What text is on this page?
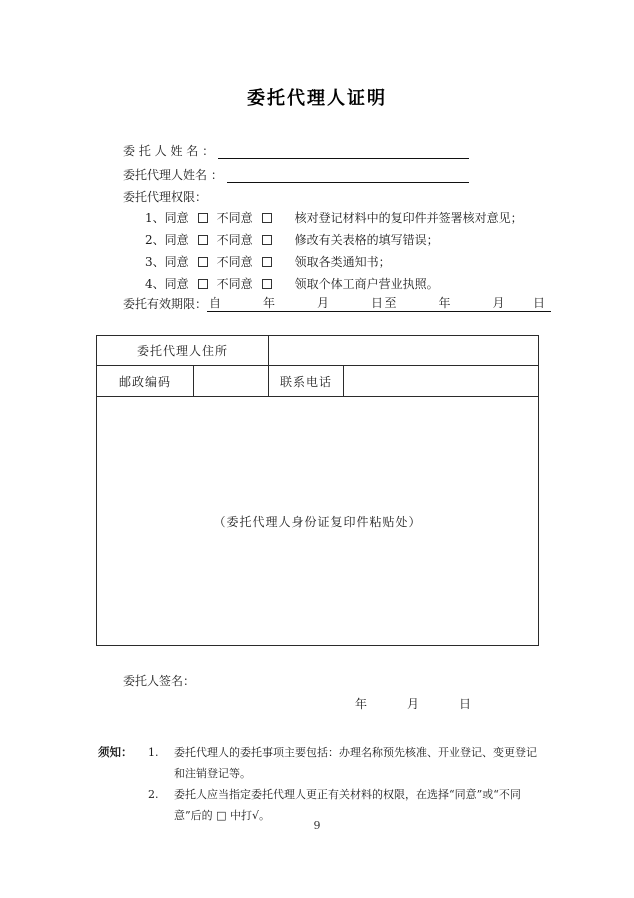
委托代理人证明
委 托 人 姓 名 ：
委托代理人姓名 ：
委托代理权限：
1、 同意 不同意	核对登记材料中的复印件并签署核对意见；
2、 同意 不同意	修改有关表格的填写错误；
3、 同意 不同意	领取各类通知书；
4、 同意 不同意	领取个体工商户营业执照。
委托有效期限： 自　　　年　　　月　　　日至　　　年　　　月　　日
委托代理人住所			
邮政编码		联系电话	
（委托代理人身份证复印件粘贴处）			
委托人签名：
年　　　月　　　日
须知：	1.	委托代理人的委托事项主要包括：办理名称预先核准、开业登记、变更登记和注销登记等。
2.	委托人应当指定委托代理人更正有关材料的权限，在选择“同意”或“不同意”后的 □ 中打√。
9
